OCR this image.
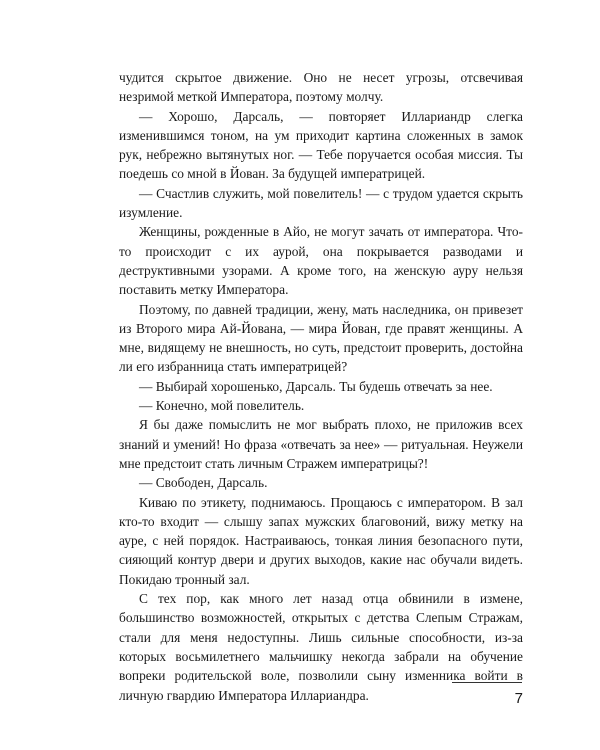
чудится скрытое движение. Оно не несет угрозы, отсвечивая незримой меткой Императора, поэтому молчу.

— Хорошо, Дарсаль, — повторяет Иллариандр слегка изменившимся тоном, на ум приходит картина сложенных в замок рук, небрежно вытянутых ног. — Тебе поручается особая миссия. Ты поедешь со мной в Йован. За будущей императрицей.

— Счастлив служить, мой повелитель! — с трудом удается скрыть изумление.

Женщины, рожденные в Айо, не могут зачать от императора. Что-то происходит с их аурой, она покрывается разводами и деструктивными узорами. А кроме того, на женскую ауру нельзя поставить метку Императора.

Поэтому, по давней традиции, жену, мать наследника, он привезет из Второго мира Ай-Йована, — мира Йован, где правят женщины. А мне, видящему не внешность, но суть, предстоит проверить, достойна ли его избранница стать императрицей?

— Выбирай хорошенько, Дарсаль. Ты будешь отвечать за нее.

— Конечно, мой повелитель.

Я бы даже помыслить не мог выбрать плохо, не приложив всех знаний и умений! Но фраза «отвечать за нее» — ритуальная. Неужели мне предстоит стать личным Стражем императрицы?!

— Свободен, Дарсаль.

Киваю по этикету, поднимаюсь. Прощаюсь с императором. В зал кто-то входит — слышу запах мужских благовоний, вижу метку на ауре, с ней порядок. Настраиваюсь, тонкая линия безопасного пути, сияющий контур двери и других выходов, какие нас обучали видеть. Покидаю тронный зал.

С тех пор, как много лет назад отца обвинили в измене, большинство возможностей, открытых с детства Слепым Стражам, стали для меня недоступны. Лишь сильные способности, из-за которых восьмилетнего мальчишку некогда забрали на обучение вопреки родительской воле, позволили сыну изменника войти в личную гвардию Императора Иллариандра.	7
